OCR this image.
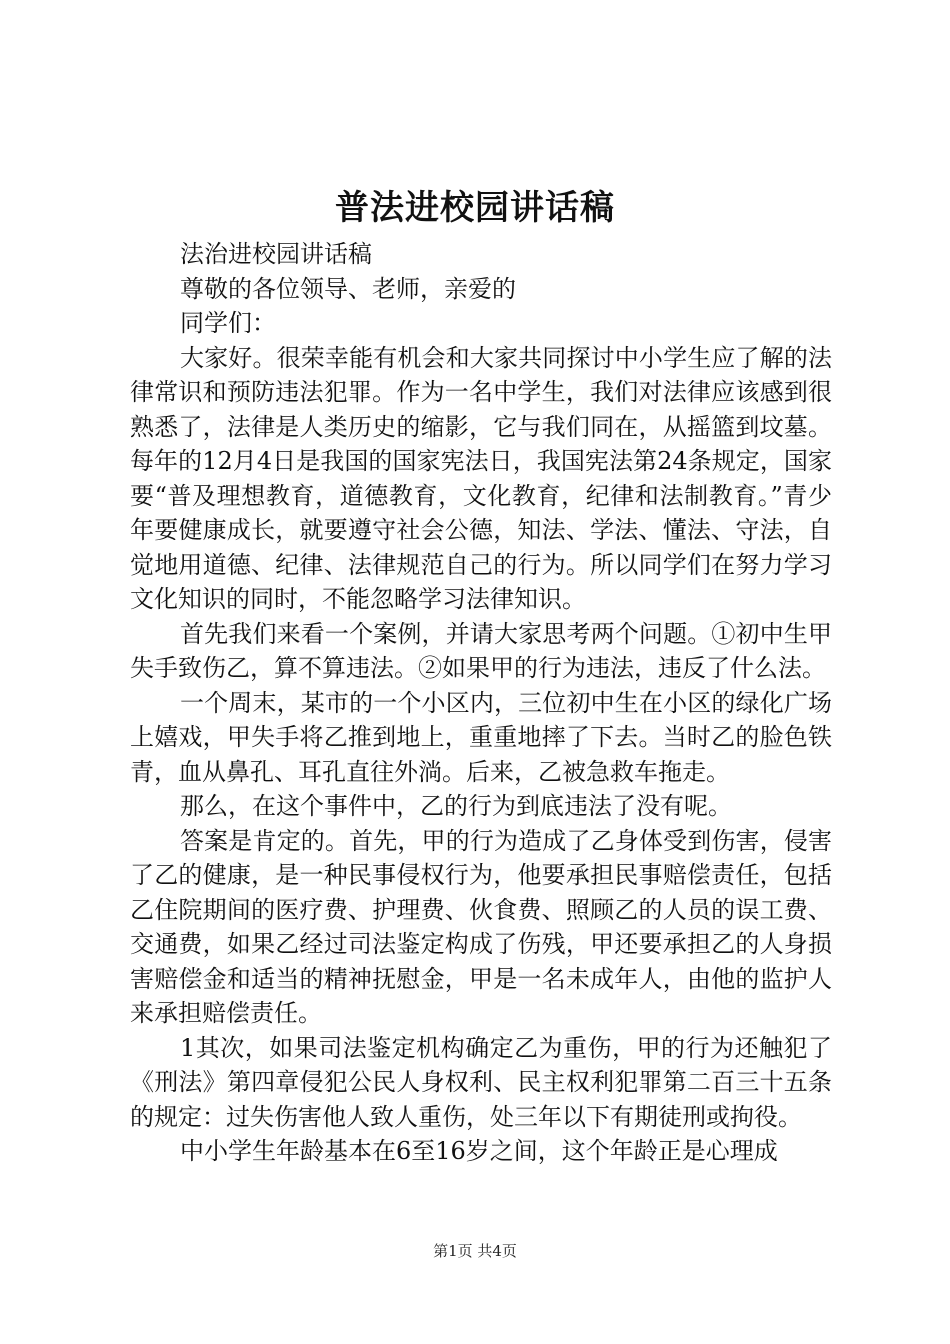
普法进校园讲话稿

法治进校园讲话稿

尊敬的各位领导、老师，亲爱的

同学们：

大家好。很荣幸能有机会和大家共同探讨中小学生应了解的法律常识和预防违法犯罪。作为一名中学生，我们对法律应该感到很熟悉了，法律是人类历史的缩影，它与我们同在，从摇篮到坟墓。每年的12月4日是我国的国家宪法日，我国宪法第24条规定，国家要“普及理想教育，道德教育，文化教育，纪律和法制教育。”青少年要健康成长，就要遵守社会公德，知法、学法、懂法、守法，自觉地用道德、纪律、法律规范自己的行为。所以同学们在努力学习文化知识的同时，不能忽略学习法律知识。

首先我们来看一个案例，并请大家思考两个问题。①初中生甲失手致伤乙，算不算违法。②如果甲的行为违法，违反了什么法。

一个周末，某市的一个小区内，三位初中生在小区的绿化广场上嬉戏，甲失手将乙推到地上，重重地摔了下去。当时乙的脸色铁青，血从鼻孔、耳孔直往外淌。后来，乙被急救车拖走。

那么，在这个事件中，乙的行为到底违法了没有呢。

答案是肯定的。首先，甲的行为造成了乙身体受到伤害，侵害了乙的健康，是一种民事侵权行为，他要承担民事赔偿责任，包括乙住院期间的医疗费、护理费、伙食费、照顾乙的人员的误工费、交通费，如果乙经过司法鉴定构成了伤残，甲还要承担乙的人身损害赔偿金和适当的精神抚慰金，甲是一名未成年人，由他的监护人来承担赔偿责任。

1其次，如果司法鉴定机构确定乙为重伤，甲的行为还触犯了《刑法》第四章侵犯公民人身权利、民主权利犯罪第二百三十五条的规定：过失伤害他人致人重伤，处三年以下有期徒刑或拘役。

中小学生年龄基本在6至16岁之间，这个年龄正是心理成

第1页 共4页
